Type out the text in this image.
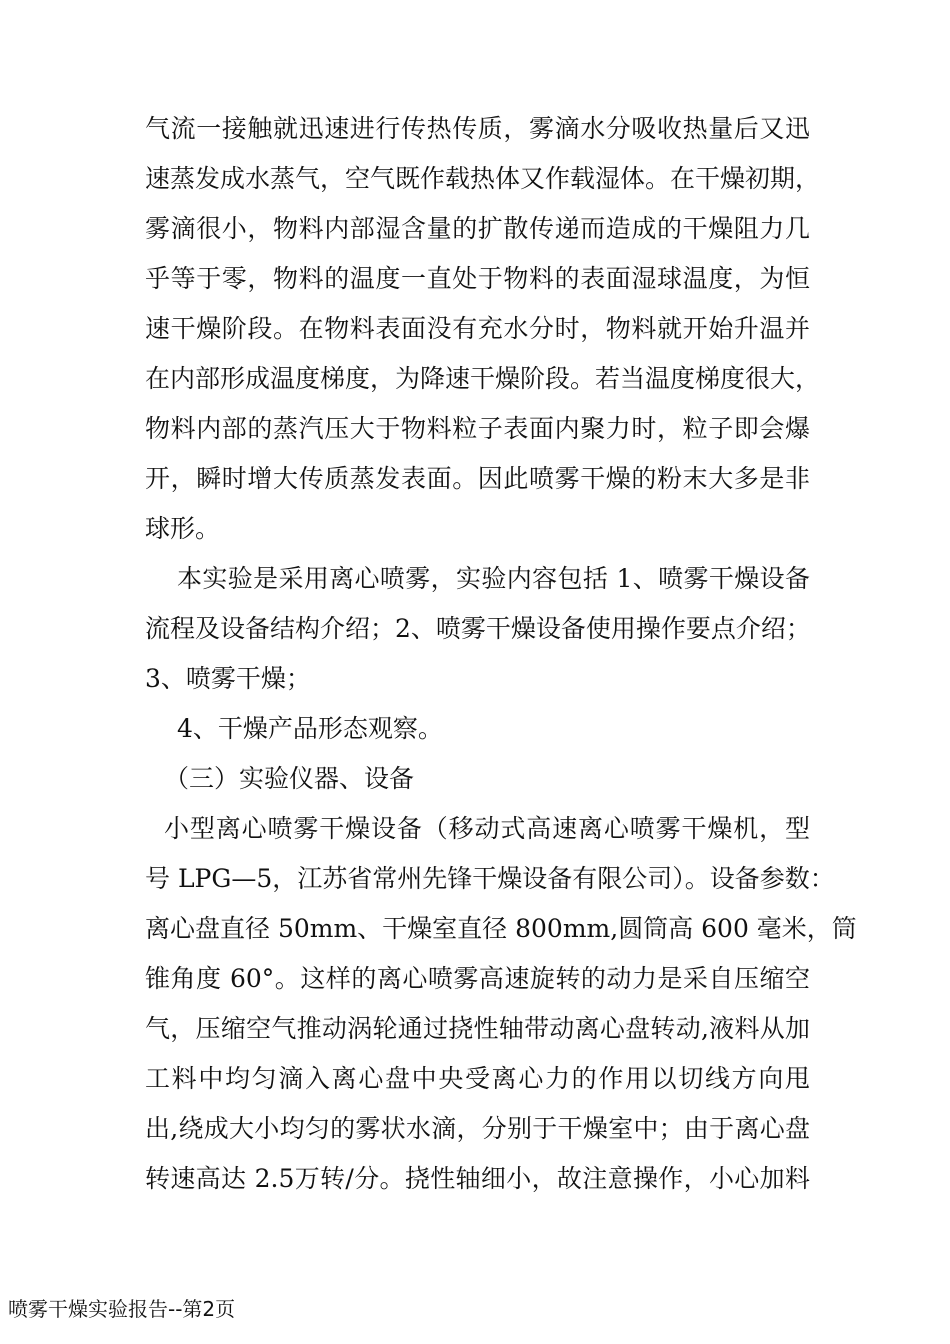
气流一接触就迅速进行传热传质，雾滴水分吸收热量后又迅
速蒸发成水蒸气，空气既作载热体又作载湿体。在干燥初期，
雾滴很小，物料内部湿含量的扩散传递而造成的干燥阻力几
乎等于零，物料的温度一直处于物料的表面湿球温度，为恒
速干燥阶段。在物料表面没有充水分时，物料就开始升温并
在内部形成温度梯度，为降速干燥阶段。若当温度梯度很大，
物料内部的蒸汽压大于物料粒子表面内聚力时，粒子即会爆
开，瞬时增大传质蒸发表面。因此喷雾干燥的粉末大多是非
球形。
本实验是采用离心喷雾，实验内容包括 1、喷雾干燥设备
流程及设备结构介绍；2、喷雾干燥设备使用操作要点介绍；
3、喷雾干燥；
4、干燥产品形态观察。
（三）实验仪器、设备
小型离心喷雾干燥设备（移动式高速离心喷雾干燥机，型
号 LPG—5，江苏省常州先锋干燥设备有限公司）。设备参数：
离心盘直径 50mm、干燥室直径 800mm,圆筒高 600 毫米，筒
锥角度 60°。这样的离心喷雾高速旋转的动力是采自压缩空
气，压缩空气推动涡轮通过挠性轴带动离心盘转动,液料从加
工料中均匀滴入离心盘中央受离心力的作用以切线方向甩
出,绕成大小均匀的雾状水滴，分别于干燥室中；由于离心盘
转速高达 2.5万转/分。挠性轴细小，故注意操作，小心加料
喷雾干燥实验报告--第2页
